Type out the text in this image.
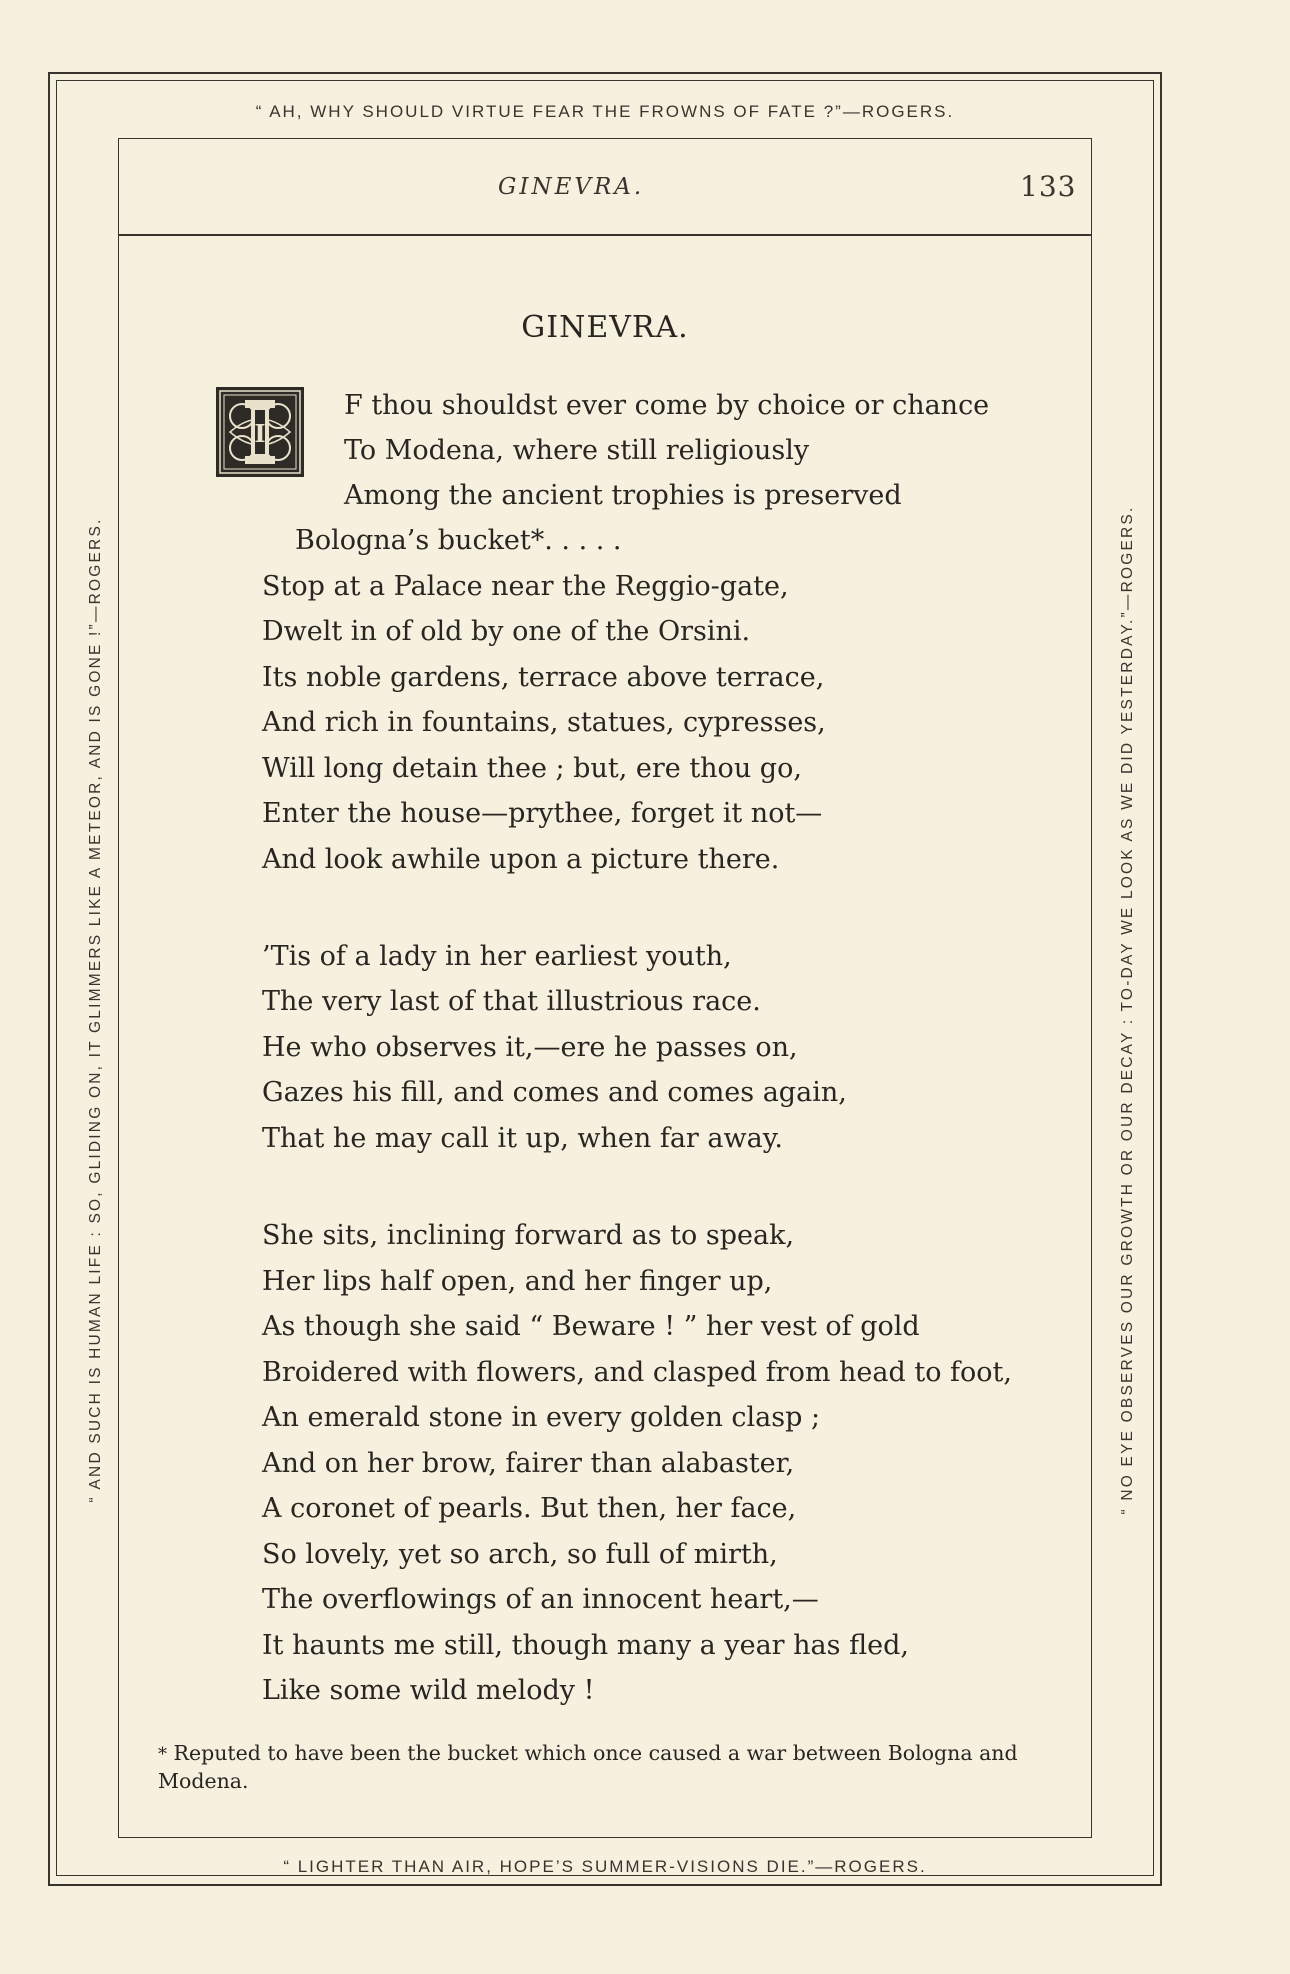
“ AH, WHY SHOULD VIRTUE FEAR THE FROWNS OF FATE ?”—ROGERS.
“ AND SUCH IS HUMAN LIFE : SO, GLIDING ON, IT GLIMMERS LIKE A METEOR, AND IS GONE !”—ROGERS.	“ NO EYE OBSERVES OUR GROWTH OR OUR DECAY : TO-DAY WE LOOK AS WE DID YESTERDAY.”—ROGERS.
“ LIGHTER THAN AIR, HOPE’S SUMMER-VISIONS DIE.”—ROGERS.
GINEVRA.	133
GINEVRA.
I
F thou shouldst ever come by choice or chance
To Modena, where still religiously
Among the ancient trophies is preserved
Bologna’s bucket*. . . . .
Stop at a Palace near the Reggio-gate,
Dwelt in of old by one of the Orsini.
Its noble gardens, terrace above terrace,
And rich in fountains, statues, cypresses,
Will long detain thee ; but, ere thou go,
Enter the house—prythee, forget it not—
And look awhile upon a picture there.
’Tis of a lady in her earliest youth,
The very last of that illustrious race.
He who observes it,—ere he passes on,
Gazes his fill, and comes and comes again,
That he may call it up, when far away.
She sits, inclining forward as to speak,
Her lips half open, and her finger up,
As though she said “ Beware ! ” her vest of gold
Broidered with flowers, and clasped from head to foot,
An emerald stone in every golden clasp ;
And on her brow, fairer than alabaster,
A coronet of pearls. But then, her face,
So lovely, yet so arch, so full of mirth,
The overflowings of an innocent heart,—
It haunts me still, though many a year has fled,
Like some wild melody !
* Reputed to have been the bucket which once caused a war between Bologna and Modena.
